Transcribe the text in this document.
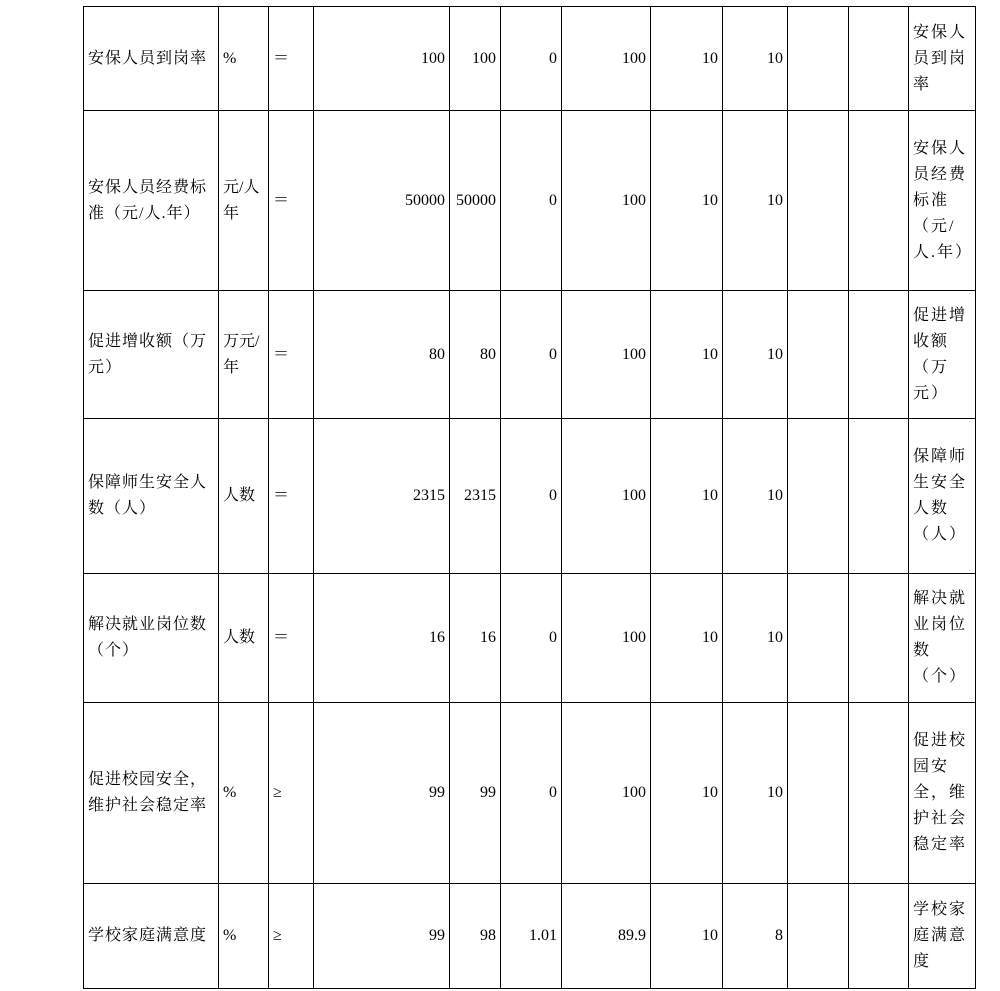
安保人员到岗率	%	＝	100	100	0	100	10	10			安保人员到岗率
安保人员经费标准（元/人.年）	元/人年	＝	50000	50000	0	100	10	10			安保人员经费标准（元/人.年）
促进增收额（万元）	万元/年	＝	80	80	0	100	10	10			促进增收额（万元）
保障师生安全人数（人）	人数	＝	2315	2315	0	100	10	10			保障师生安全人数（人）
解决就业岗位数（个）	人数	＝	16	16	0	100	10	10			解决就业岗位数（个）
促进校园安全，维护社会稳定率	%	≥	99	99	0	100	10	10			促进校园安全，维护社会稳定率
学校家庭满意度	%	≥	99	98	1.01	89.9	10	8			学校家庭满意度
